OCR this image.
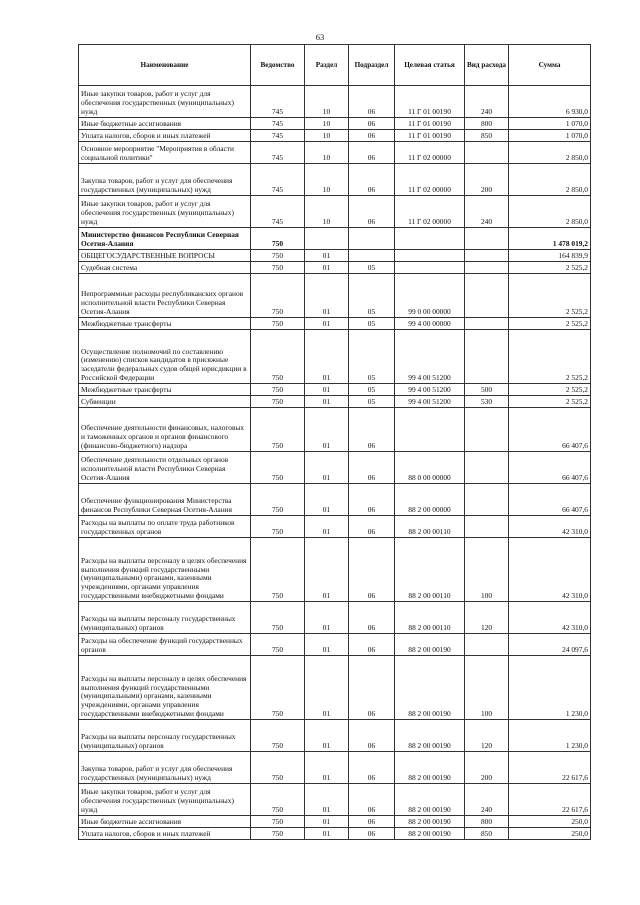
63
Наименование	Ведомство	Раздел	Подраздел	Целевая статья	Вид расхода	Сумма
Иные закупки товаров, работ и услуг для обеспечения государственных (муниципальных) нужд	745	10	06	11 Г 01 00190	240	6 930,0
Иные бюджетные ассигнования	745	10	06	11 Г 01 00190	800	1 070,0
Уплата налогов, сборов и иных платежей	745	10	06	11 Г 01 00190	850	1 070,0
Основное мероприятие "Мероприятия в области социальной политики"	745	10	06	11 Г 02 00000		2 850,0
Закупка товаров, работ и услуг для обеспечения государственных (муниципальных) нужд	745	10	06	11 Г 02 00000	200	2 850,0
Иные закупки товаров, работ и услуг для обеспечения государственных (муниципальных) нужд	745	10	06	11 Г 02 00000	240	2 850,0
Министерство финансов Республики Северная Осетия-Алания	750					1 478 019,2
ОБЩЕГОСУДАРСТВЕННЫЕ ВОПРОСЫ	750	01				164 839,9
Судебная система	750	01	05			2 525,2
Непрограммные расходы республиканских органов исполнительной власти Республики Северная Осетия-Алания	750	01	05	99 0 00 00000		2 525,2
Межбюджетные трансферты	750	01	05	99 4 00 00000		2 525,2
Осуществление полномочий по составлению (изменению) списков кандидатов в присяжные заседатели федеральных судов общей юрисдикции в Российской Федерации	750	01	05	99 4 00 51200		2 525,2
Межбюджетные трансферты	750	01	05	99 4 00 51200	500	2 525,2
Субвенции	750	01	05	99 4 00 51200	530	2 525,2
Обеспечение деятельности финансовых, налоговых и таможенных органов и органов финансового (финансово-бюджетного) надзора	750	01	06			66 407,6
Обеспечение деятельности отдельных органов исполнительной власти Республики Северная Осетия-Алания	750	01	06	88 0 00 00000		66 407,6
Обеспечение функционирования Министерства финансов Республики Северная Осетия-Алания	750	01	06	88 2 00 00000		66 407,6
Расходы на выплаты по оплате труда работников государственных органов	750	01	06	88 2 00 00110		42 310,0
Расходы на выплаты персоналу в целях обеспечения выполнения функций государственными (муниципальными) органами, казенными учреждениями, органами управления государственными внебюджетными фондами	750	01	06	88 2 00 00110	100	42 310,0
Расходы на выплаты персоналу государственных (муниципальных) органов	750	01	06	88 2 00 00110	120	42 310,0
Расходы на обеспечение функций государственных органов	750	01	06	88 2 00 00190		24 097,6
Расходы на выплаты персоналу в целях обеспечения выполнения функций государственными (муниципальными) органами, казенными учреждениями, органами управления государственными внебюджетными фондами	750	01	06	88 2 00 00190	100	1 230,0
Расходы на выплаты персоналу государственных (муниципальных) органов	750	01	06	88 2 00 00190	120	1 230,0
Закупка товаров, работ и услуг для обеспечения государственных (муниципальных) нужд	750	01	06	88 2 00 00190	200	22 617,6
Иные закупки товаров, работ и услуг для обеспечения государственных (муниципальных) нужд	750	01	06	88 2 00 00190	240	22 617,6
Иные бюджетные ассигнования	750	01	06	88 2 00 00190	800	250,0
Уплата налогов, сборов и иных платежей	750	01	06	88 2 00 00190	850	250,0
